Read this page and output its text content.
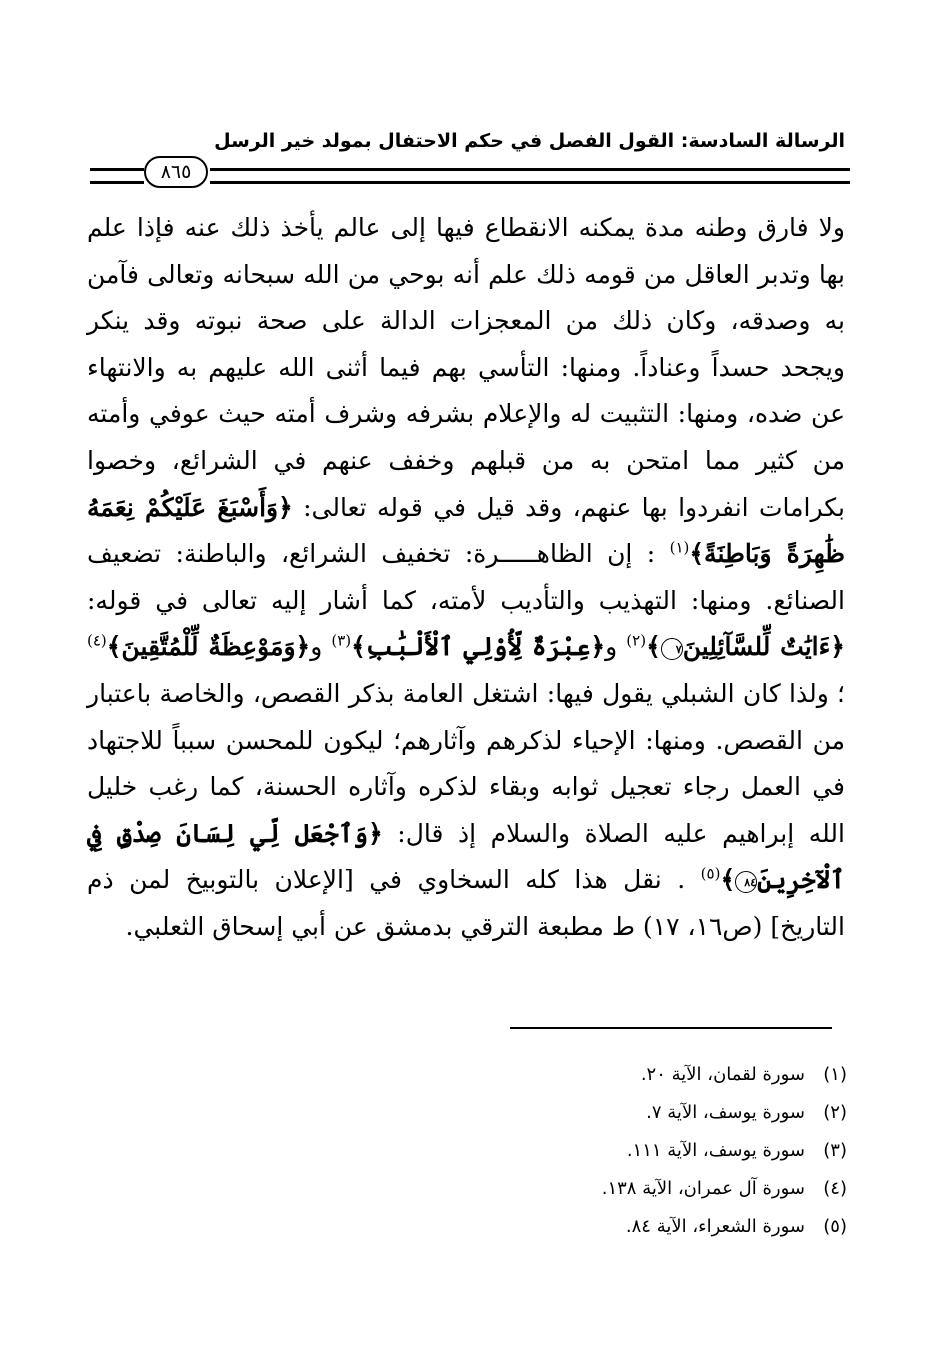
الرسالة السادسة: القول الفصل في حكم الاحتفال بمولد خير الرسل
٨٦٥

ولا فارق وطنه مدة يمكنه الانقطاع فيها إلى عالم يأخذ ذلك عنه فإذا علم بها وتدبر العاقل من قومه ذلك علم أنه بوحي من الله سبحانه وتعالى فآمن به وصدقه، وكان ذلك من المعجزات الدالة على صحة نبوته وقد ينكر ويجحد حسداً وعناداً. ومنها: التأسي بهم فيما أثنى الله عليهم به والانتهاء عن ضده، ومنها: التثبيت له والإعلام بشرفه وشرف أمته حيث عوفي وأمته من كثير مما امتحن به من قبلهم وخفف عنهم في الشرائع، وخصوا بكرامات انفردوا بها عنهم، وقد قيل في قوله تعالى: ﴿وَأَسْبَغَ عَلَيْكُمْ نِعَمَهُ ظَٰهِرَةً وَبَاطِنَةً﴾$^{(١)}$ : إن الظاهـــــرة: تخفيف الشرائع، والباطنة: تضعيف الصنائع. ومنها: التهذيب والتأديب لأمته، كما أشار إليه تعالى في قوله: ﴿ءَايَٰتٌ لِّلسَّآئِلِينَ٧﴾$^{(٢)}$ و﴿عِبْرَةٌ لِّأُوْلِي ٱلْأَلْبَٰبِ﴾$^{(٣)}$ و﴿وَمَوْعِظَةٌ لِّلْمُتَّقِينَ﴾$^{(٤)}$ ؛ ولذا كان الشبلي يقول فيها: اشتغل العامة بذكر القصص، والخاصة باعتبار من القصص. ومنها: الإحياء لذكرهم وآثارهم؛ ليكون للمحسن سبباً للاجتهاد في العمل رجاء تعجيل ثوابه وبقاء لذكره وآثاره الحسنة، كما رغب خليل الله إبراهيم عليه الصلاة والسلام إذ قال: ﴿وَٱجْعَل لِّي لِسَانَ صِدْقٍ فِي ٱلْآخِرِينَ٨٤﴾$^{(٥)}$ . نقل هذا كله السخاوي في [الإعلان بالتوبيخ لمن ذم التاريخ] (ص١٦، ١٧) ط مطبعة الترقي بدمشق عن أبي إسحاق الثعلبي.

(١)سورة لقمان، الآية ٢٠.
(٢)سورة يوسف، الآية ٧.
(٣)سورة يوسف، الآية ١١١.
(٤)سورة آل عمران، الآية ١٣٨.
(٥)سورة الشعراء، الآية ٨٤.
